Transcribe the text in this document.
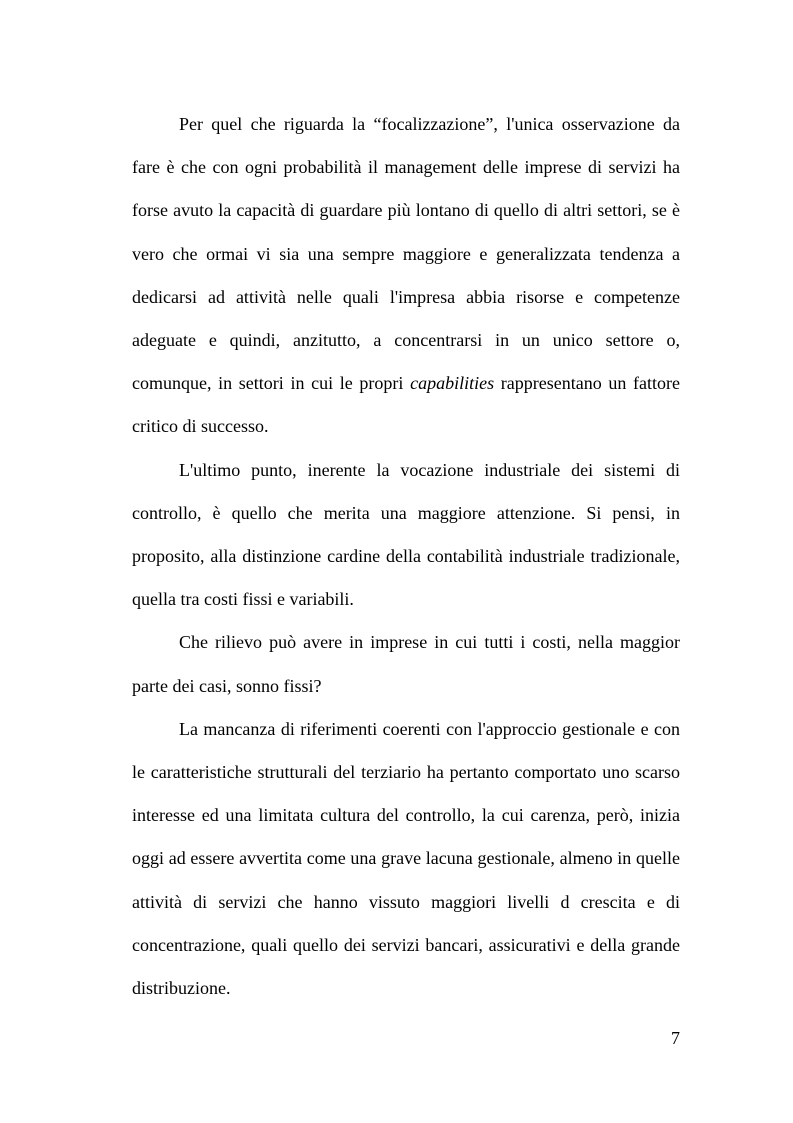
Per quel che riguarda la “focalizzazione”, l'unica osservazione da fare è che con ogni probabilità il management delle imprese di servizi ha forse avuto la capacità di guardare più lontano di quello di altri settori, se è vero che ormai vi sia una sempre maggiore e generalizzata tendenza a dedicarsi ad attività nelle quali l'impresa abbia risorse e competenze adeguate e quindi, anzitutto, a concentrarsi in un unico settore o, comunque, in settori in cui le propri capabilities rappresentano un fattore critico di successo.

L'ultimo punto, inerente la vocazione industriale dei sistemi di controllo, è quello che merita una maggiore attenzione. Si pensi, in proposito, alla distinzione cardine della contabilità industriale tradizionale, quella tra costi fissi e variabili.

Che rilievo può avere in imprese in cui tutti i costi, nella maggior parte dei casi, sonno fissi?

La mancanza di riferimenti coerenti con l'approccio gestionale e con le caratteristiche strutturali del terziario ha pertanto comportato uno scarso interesse ed una limitata cultura del controllo, la cui carenza, però, inizia oggi ad essere avvertita come una grave lacuna gestionale, almeno in quelle attività di servizi che hanno vissuto maggiori livelli d crescita e di concentrazione, quali quello dei servizi bancari, assicurativi e della grande distribuzione.

7
